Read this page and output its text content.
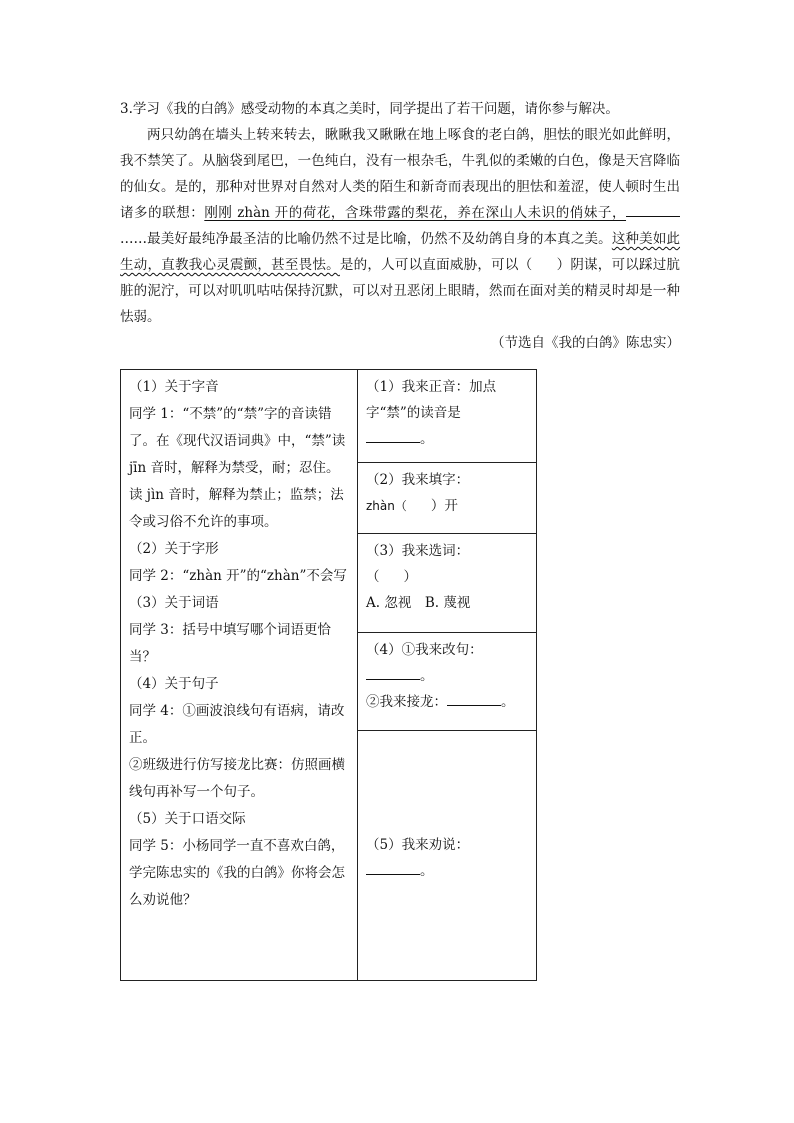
3.学习《我的白鸽》感受动物的本真之美时，同学提出了若干问题，请你参与解决。

两只幼鸽在墙头上转来转去，瞅瞅我又瞅瞅在地上啄食的老白鸽，胆怯的眼光如此鲜明，我不禁笑了。从脑袋到尾巴，一色纯白，没有一根杂毛，牛乳似的柔嫩的白色，像是天宫降临的仙女。是的，那种对世界对自然对人类的陌生和新奇而表现出的胆怯和羞涩，使人顿时生出诸多的联想：刚刚 zhàn 开的荷花，含珠带露的梨花，养在深山人未识的俏妹子，……最美好最纯净最圣洁的比喻仍然不过是比喻，仍然不及幼鸽自身的本真之美。这种美如此生动，直教我心灵震颤，甚至畏怯。是的，人可以直面威胁，可以（ ）阴谋，可以踩过肮脏的泥泞，可以对叽叽咕咕保持沉默，可以对丑恶闭上眼睛，然而在面对美的精灵时却是一种怯弱。

（节选自《我的白鸽》陈忠实）

（1）关于字音
同学 1：“不禁”的“禁”字的音读错了。在《现代汉语词典》中，“禁”读 jīn 音时，解释为禁受，耐；忍住。
读 jìn 音时，解释为禁止；监禁；法令或习俗不允许的事项。
（2）关于字形
同学 2：“zhàn 开”的“zhàn”不会写
（3）关于词语
同学 3：括号中填写哪个词语更恰当？
（4）关于句子
同学 4：①画波浪线句有语病，请改正。
②班级进行仿写接龙比赛：仿照画横线句再补写一个句子。
（5）关于口语交际
同学 5：小杨同学一直不喜欢白鸽，学完陈忠实的《我的白鸽》你将会怎么劝说他？

（1）我来正音：加点字“禁”的读音是
。

（2）我来填字：
zhàn（ ）开

（3）我来选词：
（ ）
A. 忽视　B. 蔑视

（4）①我来改句：
。
②我来接龙：	。

（5）我来劝说：
。
